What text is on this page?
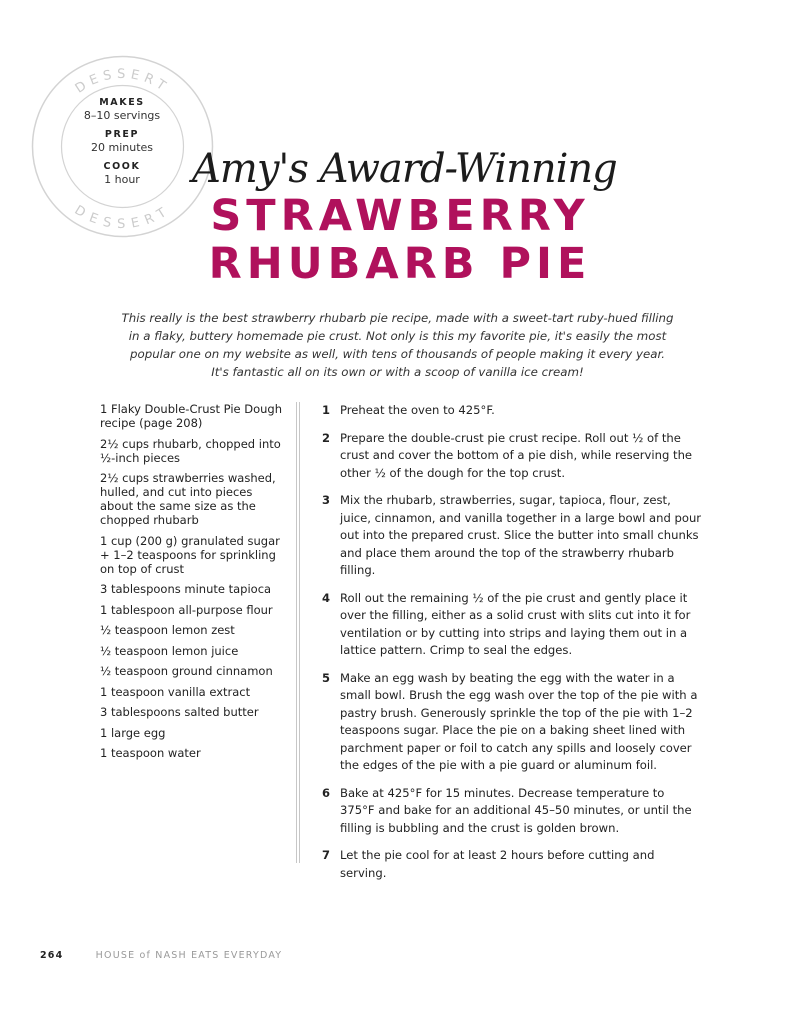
DESSERT
DESSERT
MAKES
8–10 servings
PREP
20 minutes
COOK
1 hour	Amy's Award-Winning
STRAWBERRY
RHUBARB PIE

This really is the best strawberry rhubarb pie recipe, made with a sweet-tart ruby-hued filling in a flaky, buttery homemade pie crust. Not only is this my favorite pie, it's easily the most popular one on my website as well, with tens of thousands of people making it every year. It's fantastic all on its own or with a scoop of vanilla ice cream!

1 Flaky Double-Crust Pie Dough recipe (page 208)
2½ cups rhubarb, chopped into ½-inch pieces
2½ cups strawberries washed, hulled, and cut into pieces about the same size as the chopped rhubarb
1 cup (200 g) granulated sugar + 1–2 teaspoons for sprinkling on top of crust
3 tablespoons minute tapioca
1 tablespoon all-purpose flour
½ teaspoon lemon zest
½ teaspoon lemon juice
½ teaspoon ground cinnamon
1 teaspoon vanilla extract
3 tablespoons salted butter
1 large egg
1 teaspoon water
1 Preheat the oven to 425°F.
2 Prepare the double-crust pie crust recipe. Roll out ½ of the crust and cover the bottom of a pie dish, while reserving the other ½ of the dough for the top crust.
3 Mix the rhubarb, strawberries, sugar, tapioca, flour, zest, juice, cinnamon, and vanilla together in a large bowl and pour out into the prepared crust. Slice the butter into small chunks and place them around the top of the strawberry rhubarb filling.
4 Roll out the remaining ½ of the pie crust and gently place it over the filling, either as a solid crust with slits cut into it for ventilation or by cutting into strips and laying them out in a lattice pattern. Crimp to seal the edges.
5 Make an egg wash by beating the egg with the water in a small bowl. Brush the egg wash over the top of the pie with a pastry brush. Generously sprinkle the top of the pie with 1–2 teaspoons sugar. Place the pie on a baking sheet lined with parchment paper or foil to catch any spills and loosely cover the edges of the pie with a pie guard or aluminum foil.
6 Bake at 425°F for 15 minutes. Decrease temperature to 375°F and bake for an additional 45–50 minutes, or until the filling is bubbling and the crust is golden brown.
7 Let the pie cool for at least 2 hours before cutting and serving.
264	HOUSE of NASH EATS EVERYDAY
